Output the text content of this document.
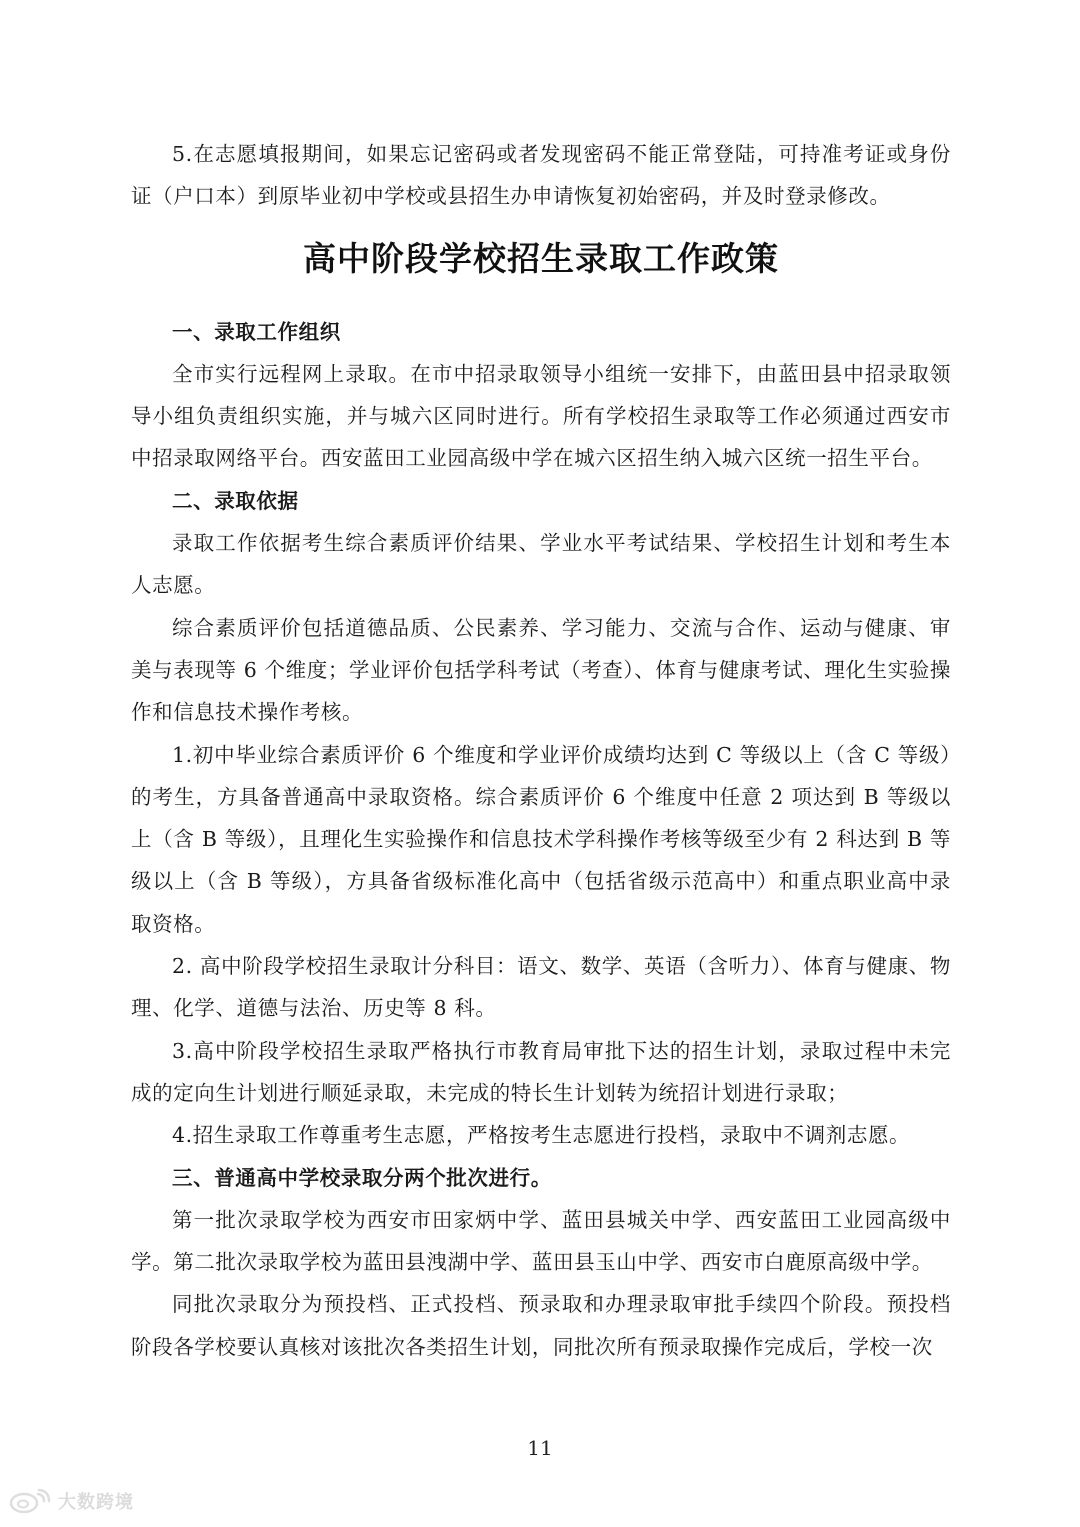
5.在志愿填报期间，如果忘记密码或者发现密码不能正常登陆，可持准考证或身份证（户口本）到原毕业初中学校或县招生办申请恢复初始密码，并及时登录修改。

高中阶段学校招生录取工作政策

一、录取工作组织

全市实行远程网上录取。在市中招录取领导小组统一安排下，由蓝田县中招录取领导小组负责组织实施，并与城六区同时进行。所有学校招生录取等工作必须通过西安市中招录取网络平台。西安蓝田工业园高级中学在城六区招生纳入城六区统一招生平台。

二、录取依据

录取工作依据考生综合素质评价结果、学业水平考试结果、学校招生计划和考生本人志愿。

综合素质评价包括道德品质、公民素养、学习能力、交流与合作、运动与健康、审美与表现等 6 个维度；学业评价包括学科考试（考查）、体育与健康考试、理化生实验操作和信息技术操作考核。

1.初中毕业综合素质评价 6 个维度和学业评价成绩均达到 C 等级以上（含 C 等级）的考生，方具备普通高中录取资格。综合素质评价 6 个维度中任意 2 项达到 B 等级以上（含 B 等级），且理化生实验操作和信息技术学科操作考核等级至少有 2 科达到 B 等级以上（含 B 等级），方具备省级标准化高中（包括省级示范高中）和重点职业高中录取资格。

2. 高中阶段学校招生录取计分科目：语文、数学、英语（含听力）、体育与健康、物理、化学、道德与法治、历史等 8 科。

3.高中阶段学校招生录取严格执行市教育局审批下达的招生计划，录取过程中未完成的定向生计划进行顺延录取，未完成的特长生计划转为统招计划进行录取；

4.招生录取工作尊重考生志愿，严格按考生志愿进行投档，录取中不调剂志愿。

三、普通高中学校录取分两个批次进行。

第一批次录取学校为西安市田家炳中学、蓝田县城关中学、西安蓝田工业园高级中学。第二批次录取学校为蓝田县洩湖中学、蓝田县玉山中学、西安市白鹿原高级中学。

同批次录取分为预投档、正式投档、预录取和办理录取审批手续四个阶段。预投档阶段各学校要认真核对该批次各类招生计划，同批次所有预录取操作完成后，学校一次

11
大数跨境
